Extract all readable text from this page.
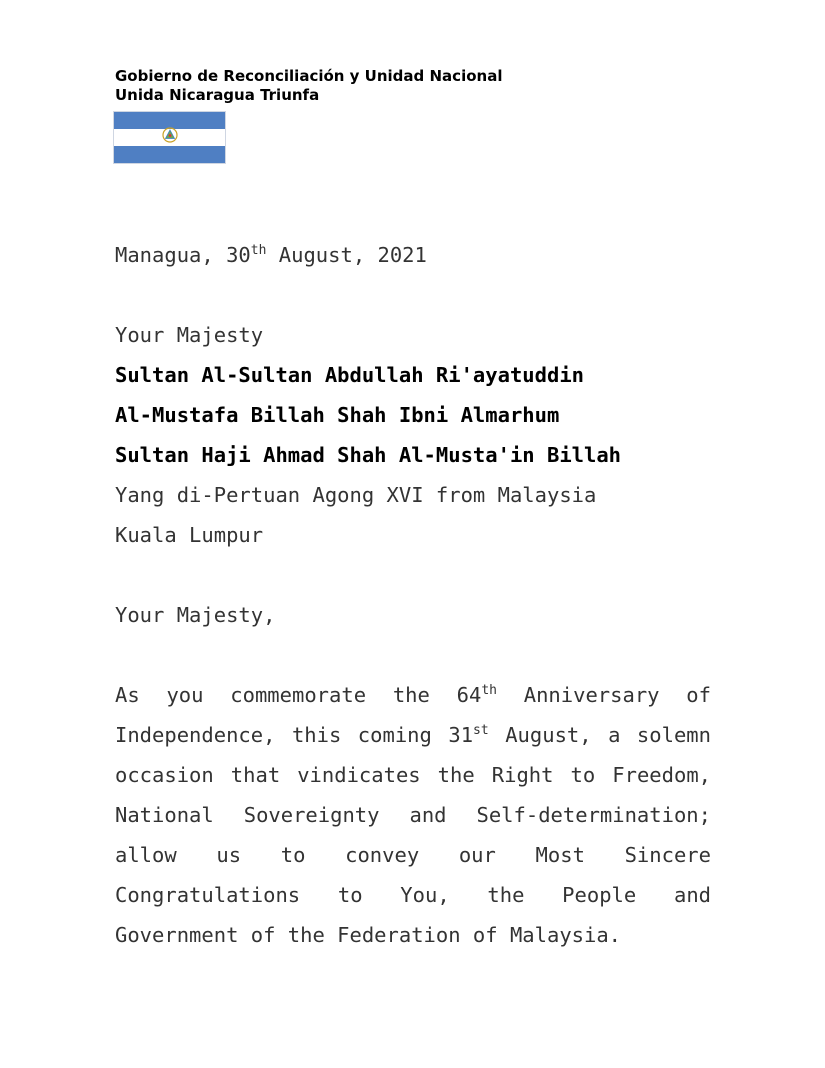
Gobierno de Reconciliación y Unidad Nacional
Unida Nicaragua Triunfa

Managua, 30th August, 2021

Your Majesty

Sultan Al-Sultan Abdullah Ri'ayatuddin

Al-Mustafa Billah Shah Ibni Almarhum

Sultan Haji Ahmad Shah Al-Musta'in Billah

Yang di-Pertuan Agong XVI from Malaysia

Kuala Lumpur

Your Majesty,

As you commemorate the 64th Anniversary of Independence, this coming 31st August, a solemn occasion that vindicates the Right to Freedom, National Sovereignty and Self-determination; allow us to convey our Most Sincere Congratulations to You, the People and Government of the Federation of Malaysia.
